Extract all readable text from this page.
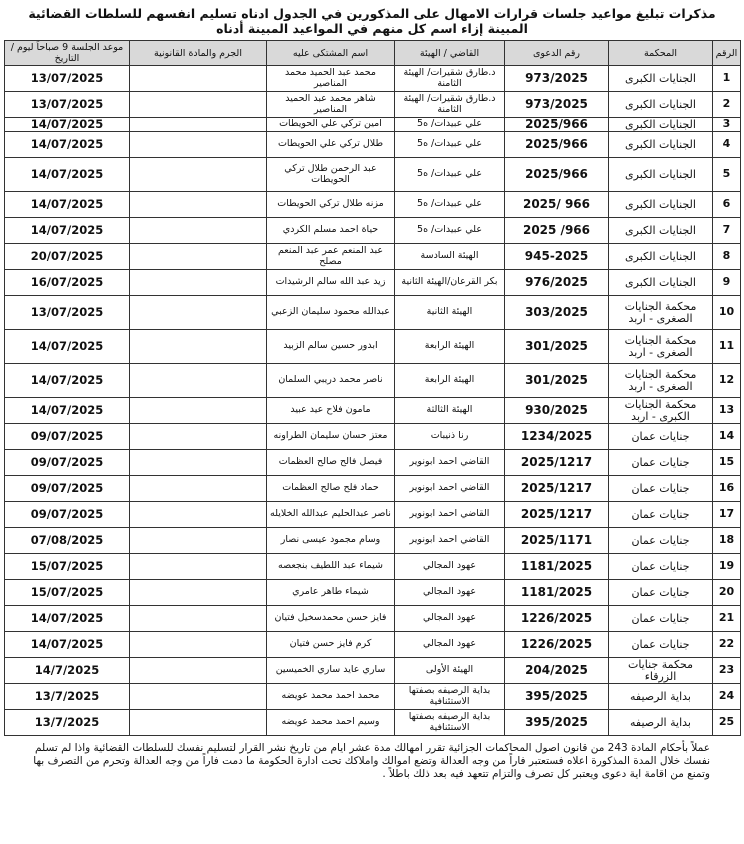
مذكرات تبليغ مواعيد جلسات قرارات الامهال على المذكورين في الجدول ادناه تسليم انفسهم للسلطات القضائية المبينة إزاء اسم كل منهم في المواعيد المبينة أدناه
الرقم	المحكمة	رقم الدعوى	القاضي / الهيئة	اسم المشتكى عليه	الجرم والمادة القانونية	موعد الجلسة 9 صباحاً ليوم / التاريخ
1	الجنايات الكبرى	973/2025	د.طارق شقيرات/ الهيئة الثامنة	محمد عبد الحميد محمد المناصير		13/07/2025
2	الجنايات الكبرى	973/2025	د.طارق شقيرات/ الهيئة الثامنة	شاهر محمد عبد الحميد المناصير		13/07/2025
3	الجنايات الكبرى	2025/966	علي عبيدات/ ه5	امين تركي علي الحويطات		14/07/2025
4	الجنايات الكبرى	2025/966	علي عبيدات/ ه5	طلال تركي علي الحويطات		14/07/2025
5	الجنايات الكبرى	2025/966	علي عبيدات/ ه5	عبد الرحمن طلال تركي الحويطات		14/07/2025
6	الجنايات الكبرى	2025/ 966	علي عبيدات/ ه5	مزنه طلال تركي الحويطات		14/07/2025
7	الجنايات الكبرى	2025 /966	علي عبيدات/ ه5	حياة احمد مسلم الكردي		14/07/2025
8	الجنايات الكبرى	945-2025	الهيئة السادسة	عبد المنعم عمر عبد المنعم مصلح		20/07/2025
9	الجنايات الكبرى	976/2025	بكر القرعان/الهيئة الثانية	زيد عبد الله سالم الرشيدات		16/07/2025
10	محكمة الجنايات الصغرى - اربد	303/2025	الهيئة الثانية	عبدالله محمود سليمان الزعبي		13/07/2025
11	محكمة الجنايات الصغرى - اربد	301/2025	الهيئة الرابعة	ابدور حسين سالم الزبيد		14/07/2025
12	محكمة الجنايات الصغرى - اربد	301/2025	الهيئة الرابعة	ناصر محمد دريبي السلمان		14/07/2025
13	محكمة الجنايات الكبرى - اربد	930/2025	الهيئة الثالثة	مامون فلاح عيد عبيد		14/07/2025
14	جنايات عمان	1234/2025	رنا ذنيبات	معتز حسان سليمان الطراونه		09/07/2025
15	جنايات عمان	2025/1217	القاضي احمد ابونوير	فيصل فالح صالح العظمات		09/07/2025
16	جنايات عمان	2025/1217	القاضي احمد ابونوير	حماد فلح صالح العظمات		09/07/2025
17	جنايات عمان	2025/1217	القاضي احمد ابونوير	ناصر عبدالحليم عبدالله الخلايله		09/07/2025
18	جنايات عمان	2025/1171	القاضي احمد ابونوير	وسام مجمود عيسى نصار		07/08/2025
19	جنايات عمان	1181/2025	عهود المجالي	شيماء عبد اللطيف بنجعصه		15/07/2025
20	جنايات عمان	1181/2025	عهود المجالي	شيماء طاهر عامري		15/07/2025
21	جنايات عمان	1226/2025	عهود المجالي	فايز حسن محمدسخيل فتيان		14/07/2025
22	جنايات عمان	1226/2025	عهود المجالي	كرم فايز حسن فتيان		14/07/2025
23	محكمة جنايات الزرقاء	204/2025	الهيئة الأولى	ساري عايد ساري الخميسين		14/7/2025
24	بداية الرصيفه	395/2025	بداية الرصيفه بصفتها الاستئنافية	محمد احمد محمد عويضه		13/7/2025
25	بداية الرصيفه	395/2025	بداية الرصيفه بصفتها الاستئنافية	وسيم احمد محمد عويضه		13/7/2025
عملاً بأحكام المادة 243 من قانون اصول المحاكمات الجزائية تقرر امهالك مدة عشر ايام من تاريخ نشر القرار لتسليم نفسك للسلطات القضائية واذا لم تسلم نفسك خلال المدة المذكورة اعلاه فستعتبر فاراً من وجه العدالة وتضع اموالك واملاكك تحت ادارة الحكومة ما دمت فاراً من وجه العدالة وتحرم من التصرف بها وتمنع من اقامة اية دعوى ويعتبر كل تصرف والتزام تتعهد فيه بعد ذلك باطلاً .
